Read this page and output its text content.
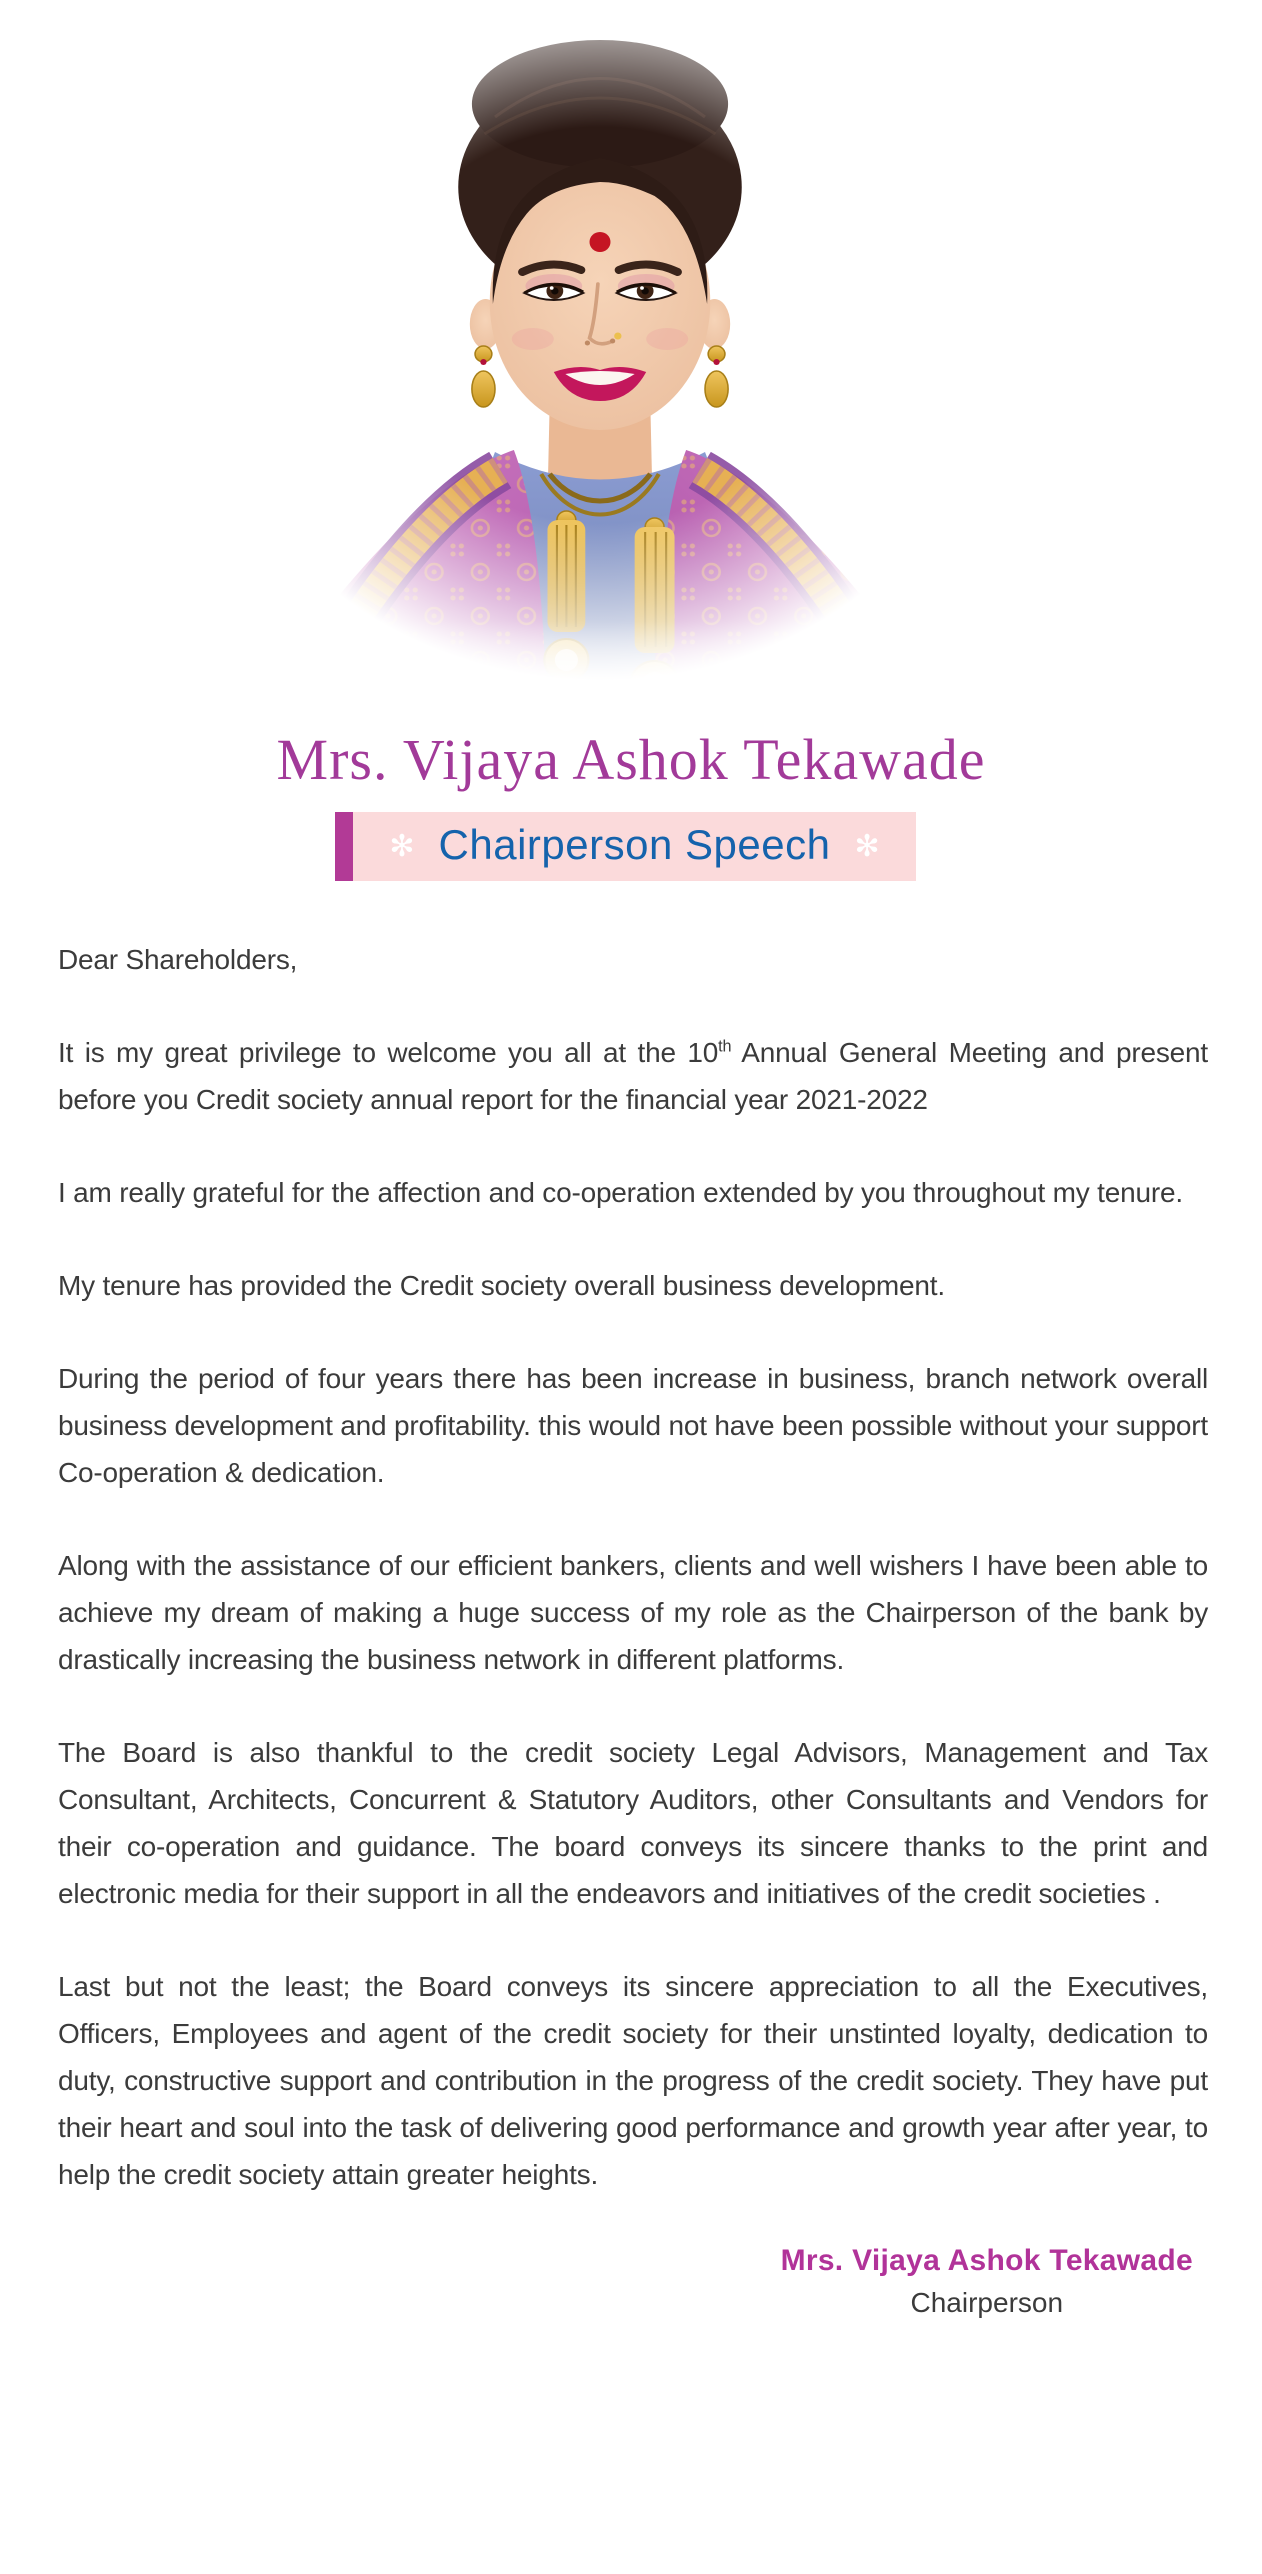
Mrs. Vijaya Ashok Tekawade
✻ Chairperson Speech ✻

Dear Shareholders,

It is my great privilege to welcome you all at the 10th Annual General Meeting and present before you Credit society annual report for the financial year 2021-2022

I am really grateful for the affection and co-operation extended by you throughout my tenure.

My tenure has provided the Credit society overall business development.

During the period of four years there has been increase in business, branch network overall business development and profitability. this would not have been possible without your support Co-operation & dedication.

Along with the assistance of our efficient bankers, clients and well wishers I have been able to achieve my dream of making a huge success of my role as the Chairperson of the bank by drastically increasing the business network in different platforms.

The Board is also thankful to the credit society Legal Advisors, Management and Tax Consultant, Architects, Concurrent & Statutory Auditors, other Consultants and Vendors for their co-operation and guidance. The board conveys its sincere thanks to the print and electronic media for their support in all the endeavors and initiatives of the credit societies .

Last but not the least; the Board conveys its sincere appreciation to all the Executives, Officers, Employees and agent of the credit society for their unstinted loyalty, dedication to duty, constructive support and contribution in the progress of the credit society. They have put their heart and soul into the task of delivering good performance and growth year after year, to help the credit society attain greater heights.

Mrs. Vijaya Ashok Tekawade
Chairperson
